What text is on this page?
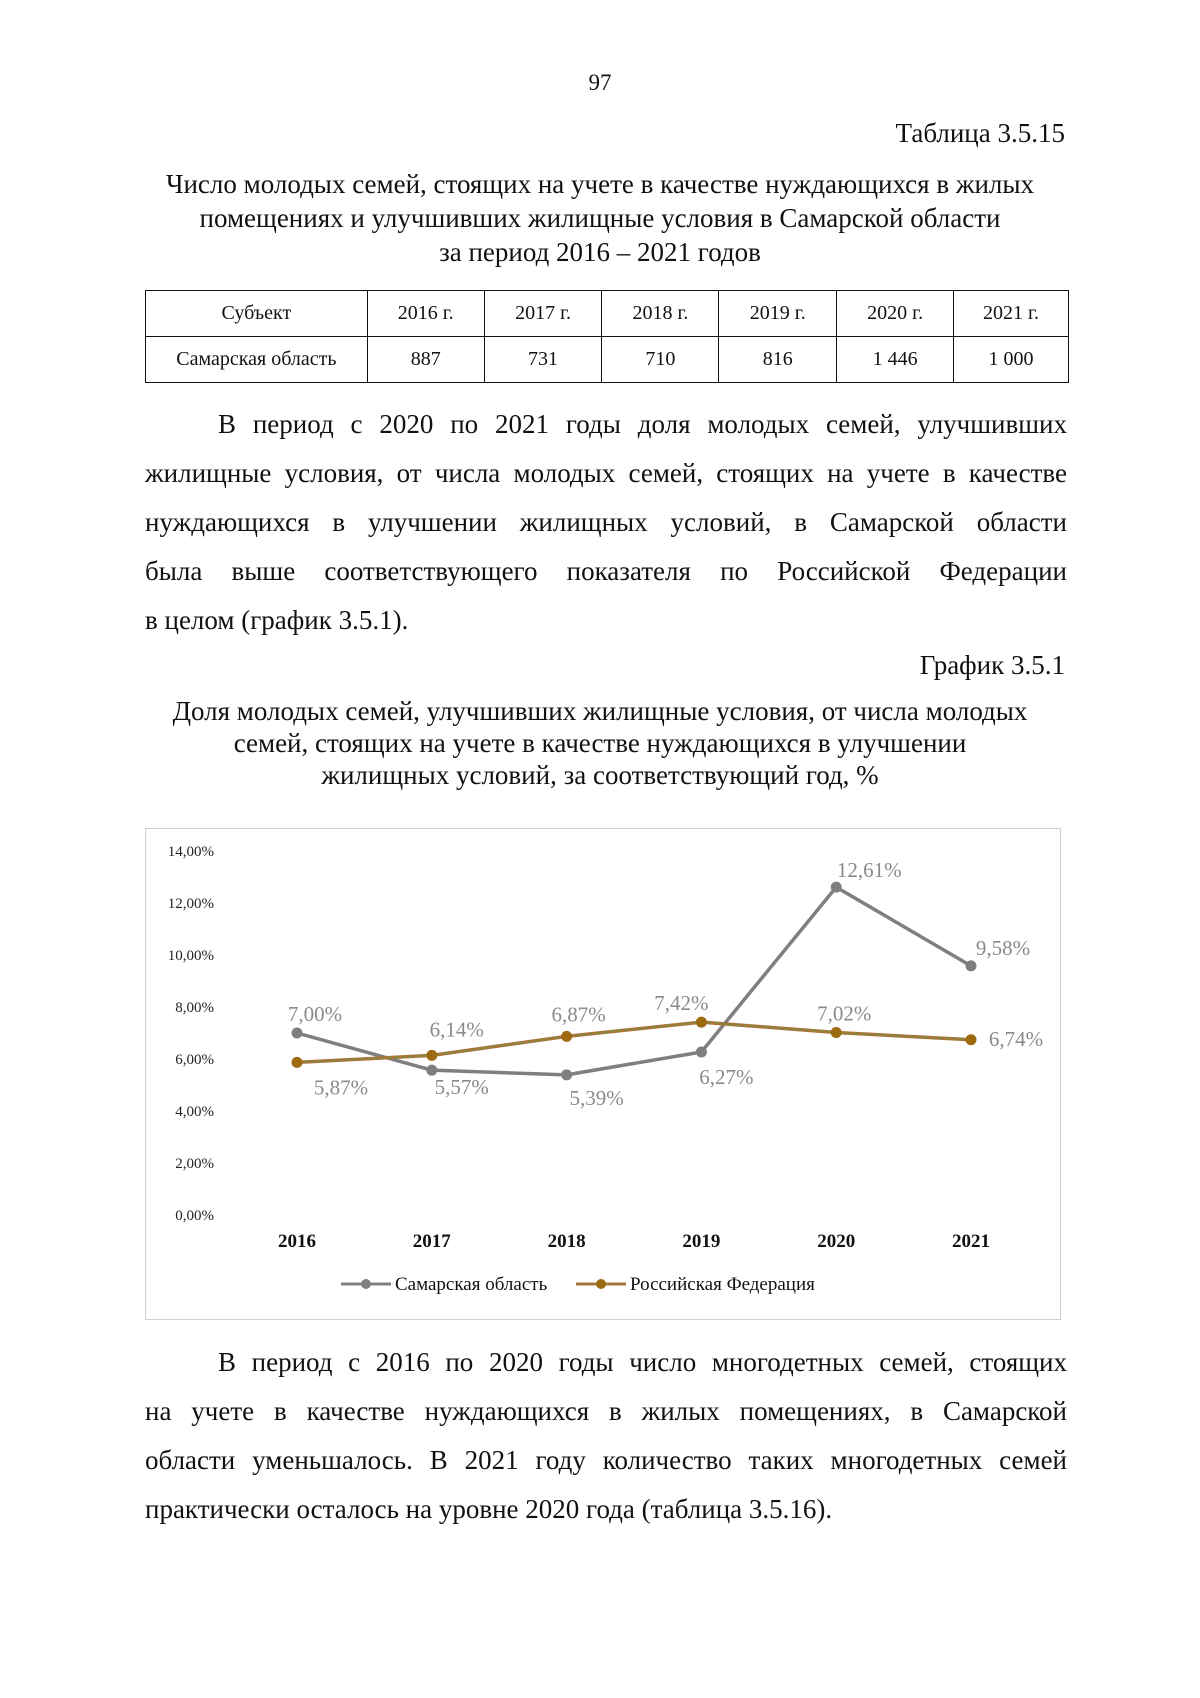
97
Таблица 3.5.15
Число молодых семей, стоящих на учете в качестве нуждающихся в жилых
помещениях и улучшивших жилищные условия в Самарской области
за период 2016 – 2021 годов
Субъект	2016 г.	2017 г.	2018 г.	2019 г.	2020 г.	2021 г.
Самарская область	887	731	710	816	1 446	1 000
В период с 2020 по 2021 годы доля молодых семей, улучшивших
жилищные условия, от числа молодых семей, стоящих на учете в качестве
нуждающихся в улучшении жилищных условий, в Самарской области
была выше соответствующего показателя по Российской Федерации
в целом (график 3.5.1).
График 3.5.1
Доля молодых семей, улучшивших жилищные условия, от числа молодых
семей, стоящих на учете в качестве нуждающихся в улучшении
жилищных условий, за соответствующий год, %
0,00%
2,00%
4,00%
6,00%
8,00%
10,00%
12,00%
14,00%
2016	2017	2018	2019	2020	2021
7,00%
5,57%	5,39%
6,27%
12,61%
9,58%
5,87%
6,14%
6,87% 7,42%	7,02%
6,74%
Самарская область	Российская Федерация
В период с 2016 по 2020 годы число многодетных семей, стоящих
на учете в качестве нуждающихся в жилых помещениях, в Самарской
области уменьшалось. В 2021 году количество таких многодетных семей
практически осталось на уровне 2020 года (таблица 3.5.16).
